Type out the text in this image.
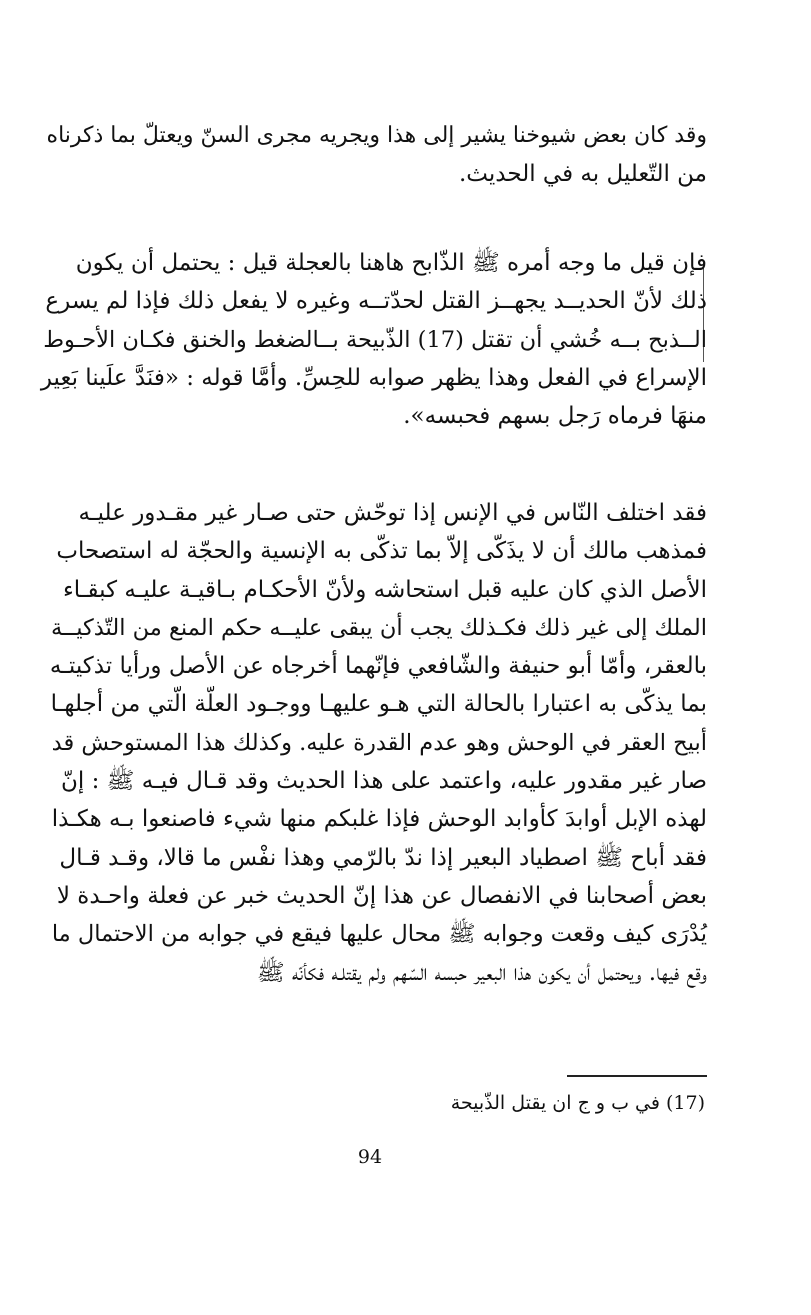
وقد كان بعض شيوخنا يشير إلى هذا ويجريه مجرى السنّ ويعتلّ بما ذكرناه
من التّعليل به في الحديث.
فإن قيل ما وجه أمره ﷺ الذّابح هاهنا بالعجلة قيل : يحتمل أن يكون
ذلك لأنّ الحديــد يجهــز القتل لحدّتــه وغيره لا يفعل ذلك فإذا لم يسرع
الــذبح بــه خُشي أن تقتل (17) الذّبيحة بــالضغط والخنق فكـان الأحـوط
الإسراع في الفعل وهذا يظهر صوابه للحِسِّ. وأمَّا قوله : «فنَدَّ علَينا بَعِير
منهَا فرماه رَجل بسهم فحبسه».
فقد اختلف النّاس في الإنس إذا توحّش حتى صـار غير مقـدور عليـه
فمذهب مالك أن لا يذَكّى إلاّ بما تذكّى به الإنسية والحجّة له استصحاب
الأصل الذي كان عليه قبل استحاشه ولأنّ الأحكـام بـاقيـة عليـه كبقـاء
الملك إلى غير ذلك فكـذلك يجب أن يبقى عليــه حكم المنع من التّذكيــة
بالعقر، وأمّا أبو حنيفة والشّافعي فإنّهما أخرجاه عن الأصل ورأيا تذكيتـه
بما يذكّى به اعتبارا بالحالة التي هـو عليهـا ووجـود العلّة الّتي من أجلهـا
أبيح العقر في الوحش وهو عدم القدرة عليه. وكذلك هذا المستوحش قد
صار غير مقدور عليه، واعتمد على هذا الحديث وقد قـال فيـه ﷺ : إنّ
لهذه الإبل أوابدَ كأوابد الوحش فإذا غلبكم منها شيء فاصنعوا بـه هكـذا
فقد أباح ﷺ اصطياد البعير إذا ندّ بالرّمي وهذا نفْس ما قالا، وقـد قـال
بعض أصحابنا في الانفصال عن هذا إنّ الحديث خبر عن فعلة واحـدة لا
يُدْرَى كيف وقعت وجوابه ﷺ محال عليها فيقع في جوابه من الاحتمال ما
وقع فيها. ويحتمل أن يكون هذا البعير حبسه السّهم ولم يقتلـه فكأنّه ﷺ
(17) في ب و ج ان يقتل الذّبيحة
94
